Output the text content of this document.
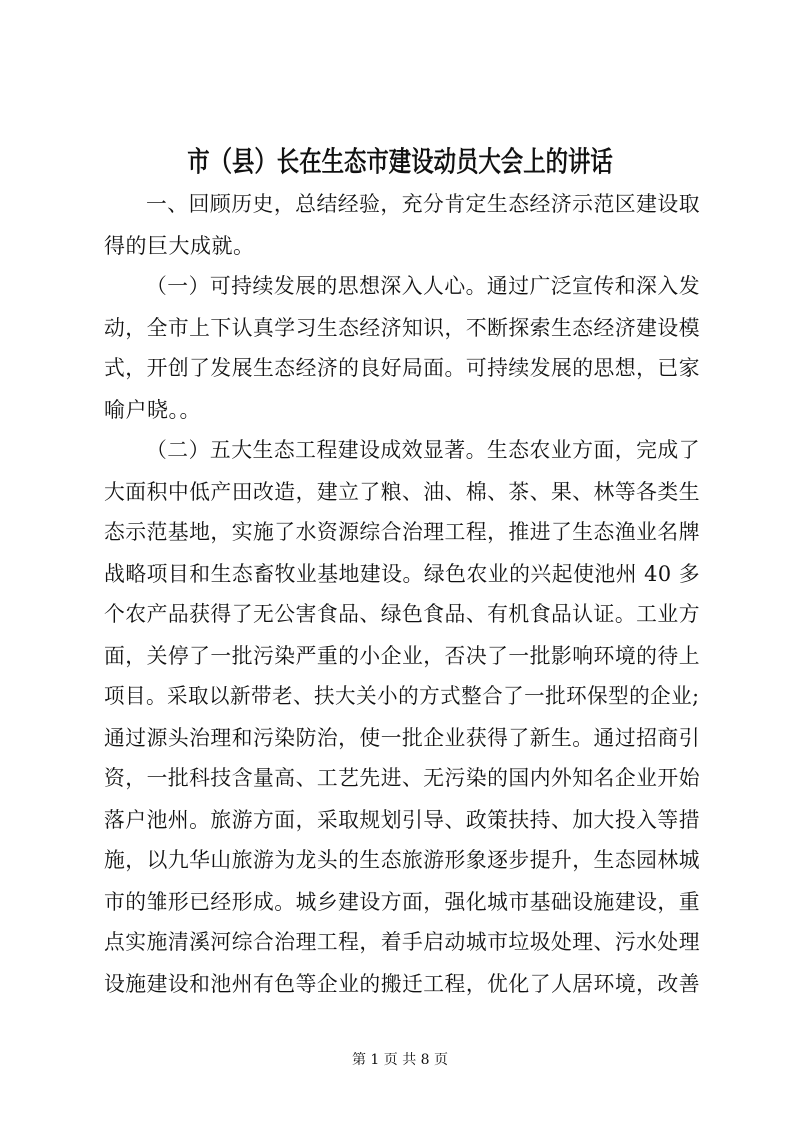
市（县）长在生态市建设动员大会上的讲话
一、回顾历史，总结经验，充分肯定生态经济示范区建设取
得的巨大成就。
（一）可持续发展的思想深入人心。通过广泛宣传和深入发
动，全市上下认真学习生态经济知识，不断探索生态经济建设模
式，开创了发展生态经济的良好局面。可持续发展的思想，已家
喻户晓。。
（二）五大生态工程建设成效显著。生态农业方面，完成了
大面积中低产田改造，建立了粮、油、棉、茶、果、林等各类生
态示范基地，实施了水资源综合治理工程，推进了生态渔业名牌
战略项目和生态畜牧业基地建设。绿色农业的兴起使池州 40 多
个农产品获得了无公害食品、绿色食品、有机食品认证。工业方
面，关停了一批污染严重的小企业，否决了一批影响环境的待上
项目。采取以新带老、扶大关小的方式整合了一批环保型的企业;
通过源头治理和污染防治，使一批企业获得了新生。通过招商引
资，一批科技含量高、工艺先进、无污染的国内外知名企业开始
落户池州。旅游方面，采取规划引导、政策扶持、加大投入等措
施，以九华山旅游为龙头的生态旅游形象逐步提升，生态园林城
市的雏形已经形成。城乡建设方面，强化城市基础设施建设，重
点实施清溪河综合治理工程，着手启动城市垃圾处理、污水处理
设施建设和池州有色等企业的搬迁工程，优化了人居环境，改善
第 1 页 共 8 页
